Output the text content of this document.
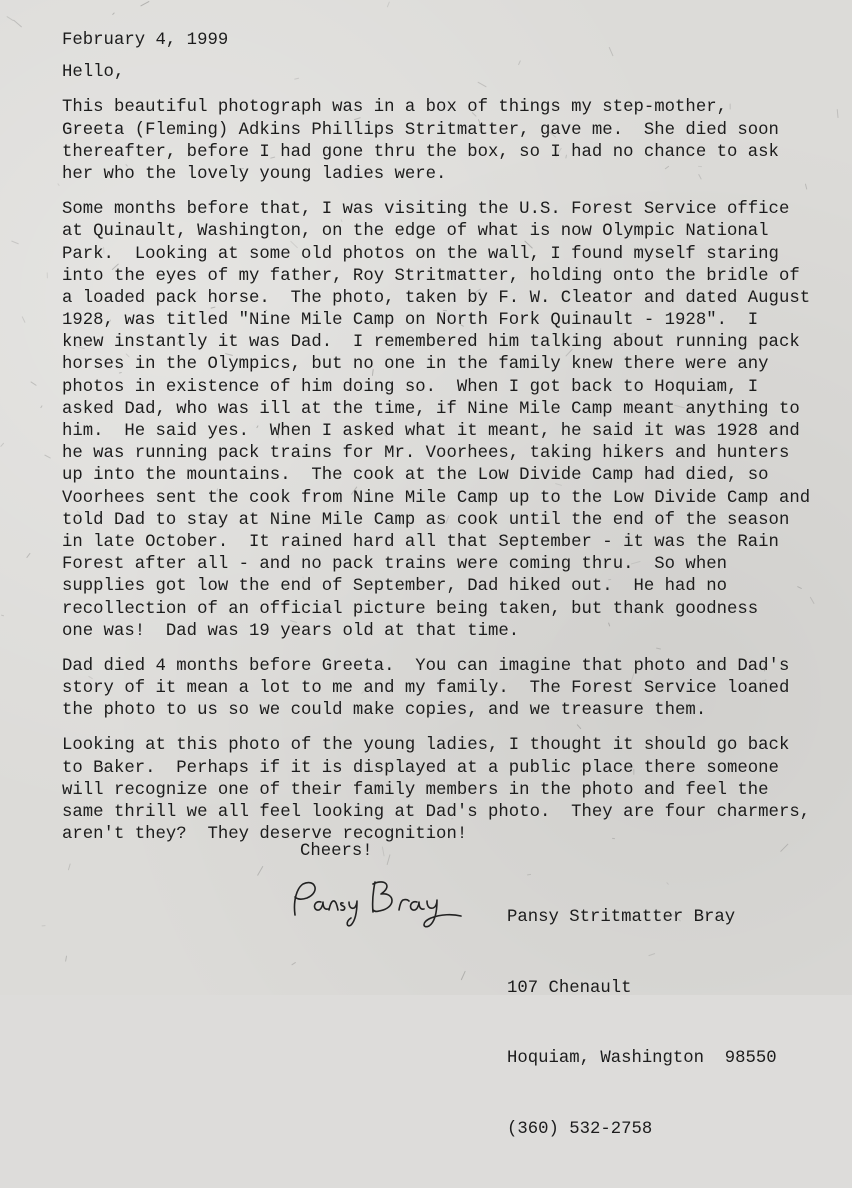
February 4, 1999
Hello,
This beautiful photograph was in a box of things my step-mother,
Greeta (Fleming) Adkins Phillips Stritmatter, gave me.  She died soon
thereafter, before I had gone thru the box, so I had no chance to ask
her who the lovely young ladies were.
Some months before that, I was visiting the U.S. Forest Service office
at Quinault, Washington, on the edge of what is now Olympic National
Park.  Looking at some old photos on the wall, I found myself staring
into the eyes of my father, Roy Stritmatter, holding onto the bridle of
a loaded pack horse.  The photo, taken by F. W. Cleator and dated August
1928, was titled "Nine Mile Camp on North Fork Quinault - 1928".  I
knew instantly it was Dad.  I remembered him talking about running pack
horses in the Olympics, but no one in the family knew there were any
photos in existence of him doing so.  When I got back to Hoquiam, I
asked Dad, who was ill at the time, if Nine Mile Camp meant anything to
him.  He said yes.  When I asked what it meant, he said it was 1928 and
he was running pack trains for Mr. Voorhees, taking hikers and hunters
up into the mountains.  The cook at the Low Divide Camp had died, so
Voorhees sent the cook from Nine Mile Camp up to the Low Divide Camp and
told Dad to stay at Nine Mile Camp as cook until the end of the season
in late October.  It rained hard all that September - it was the Rain
Forest after all - and no pack trains were coming thru.  So when
supplies got low the end of September, Dad hiked out.  He had no
recollection of an official picture being taken, but thank goodness
one was!  Dad was 19 years old at that time.
Dad died 4 months before Greeta.  You can imagine that photo and Dad's
story of it mean a lot to me and my family.  The Forest Service loaned
the photo to us so we could make copies, and we treasure them.
Looking at this photo of the young ladies, I thought it should go back
to Baker.  Perhaps if it is displayed at a public place there someone
will recognize one of their family members in the photo and feel the
same thrill we all feel looking at Dad's photo.  They are four charmers,
aren't they?  They deserve recognition!
Cheers!

Pansy Stritmatter Bray

107 Chenault

Hoquiam, Washington  98550

(360) 532-2758
